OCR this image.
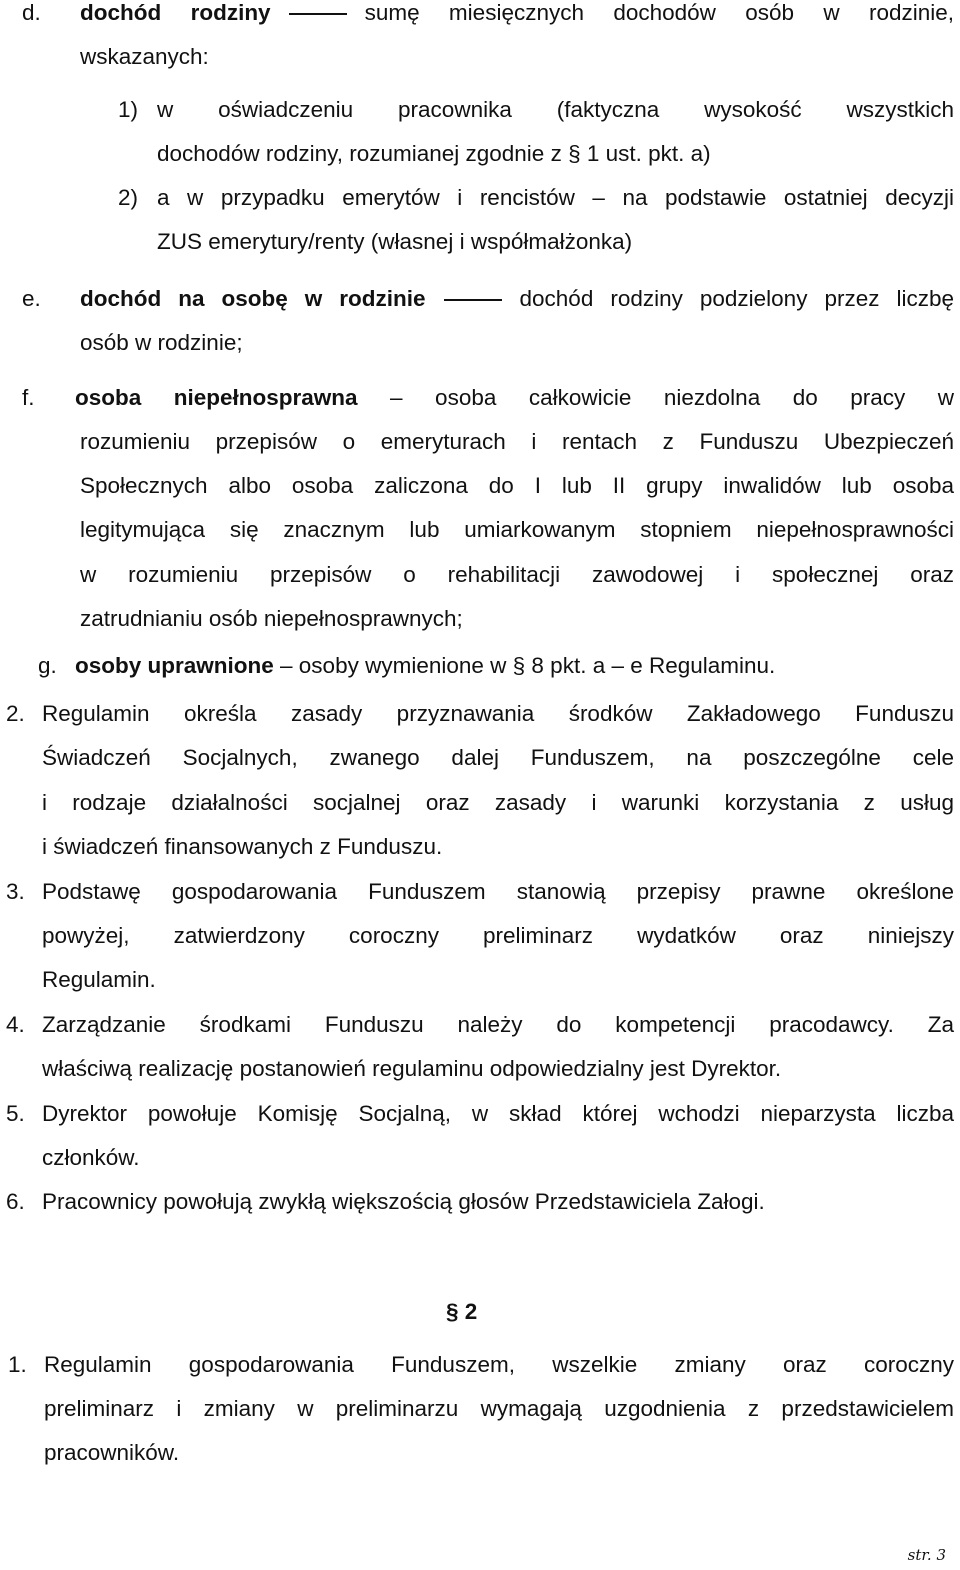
d. dochód rodziny	sumę miesięcznych dochodów osób w rodzinie,
wskazanych:
1) w oświadczeniu pracownika (faktyczna wysokość wszystkich
dochodów rodziny, rozumianej zgodnie z § 1 ust. pkt. a)
2) a w przypadku emerytów i rencistów – na podstawie ostatniej decyzji
ZUS emerytury/renty (własnej i współmałżonka)
e. dochód na osobę w rodzinie	dochód rodziny podzielony przez liczbę
osób w rodzinie;
f. osoba niepełnosprawna – osoba całkowicie niezdolna do pracy w
rozumieniu przepisów o emeryturach i rentach z Funduszu Ubezpieczeń
Społecznych albo osoba zaliczona do I lub II grupy inwalidów lub osoba
legitymująca się znacznym lub umiarkowanym stopniem niepełnosprawności
w rozumieniu przepisów o rehabilitacji zawodowej i społecznej oraz
zatrudnianiu osób niepełnosprawnych;
g. osoby uprawnione – osoby wymienione w § 8 pkt. a – e Regulaminu.
2. Regulamin określa zasady przyznawania środków Zakładowego Funduszu
Świadczeń Socjalnych, zwanego dalej Funduszem, na poszczególne cele
i rodzaje działalności socjalnej oraz zasady i warunki korzystania z usług
i świadczeń finansowanych z Funduszu.
3. Podstawę gospodarowania Funduszem stanowią przepisy prawne określone
powyżej, zatwierdzony coroczny preliminarz wydatków oraz niniejszy
Regulamin.
4. Zarządzanie środkami Funduszu należy do kompetencji pracodawcy. Za
właściwą realizację postanowień regulaminu odpowiedzialny jest Dyrektor.
5. Dyrektor powołuje Komisję Socjalną, w skład której wchodzi nieparzysta liczba
członków.
6. Pracownicy powołują zwykłą większością głosów Przedstawiciela Załogi.
§ 2
1. Regulamin gospodarowania Funduszem, wszelkie zmiany oraz coroczny
preliminarz i zmiany w preliminarzu wymagają uzgodnienia z przedstawicielem
pracowników.
str. 3
